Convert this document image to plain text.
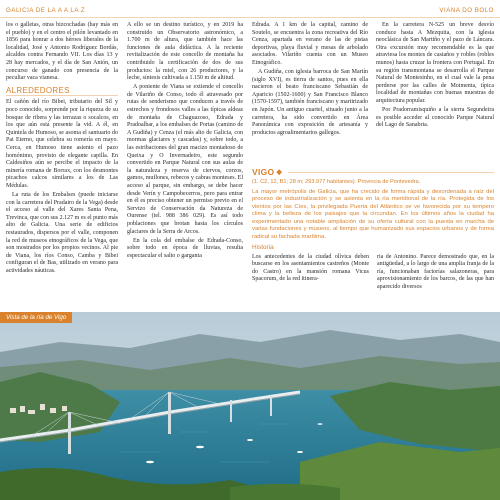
GALICIA DE LA A A LA Z	VIANA DO BOLO

los o galletas, otras bizcochadas (hay más en el pueblo) y en el centro el pilón levantado en 1856 para honrar a dos héroes liberales de la localidad, José y Antonio Rodríguez Bordás, alcaldes contra Fernando VII. Los días 13 y 28 hay mercados, y el día de San Antón, un concurso de ganado con presencia de la peculiar vaca vianesa.

ALREDEDORES

El cañón del río Bibei, tributario del Sil y poco conocido, sorprende por la riqueza de su bosque de ribera y las terrazas o socalcos, en los que aún está presente la vid. A él, en Quintela de Humoso, se asoma el santuario do Pai Eterno, que celebra su romería en mayo. Cerca, en Humoso tiene asiento el pazo homónimo, provisto de elegante capilla. En Caldesiños aún se percibe el impacto de la minería romana de Borrax, con los desmontes picachos calcos similares a los de Las Médulas.

La ruta de los Embalses (puede iniciarse con la carretera del Pradairo de la Vega) desde el acceso al valle del Xares Santa Pena, Trevinca, que con sus 2.127 m es el punto más alto de Galicia. Una serie de edificios restaurados, dispersos por el valle, componen la red de museos etnográficos de la Vega, que son mostrados por los propios vecinos. Al pie de Viana, los ríos Conso, Camba y Bibei configuran el de Bas, utilizado en verano para actividades náuticas.

A ello se un destino turístico, y en 2019 ha construido un Observatorio astronómico, a 1.700 m de altura, que también hace las funciones de aula didáctica. A la reciente revitalización de este concello de montaña ha contribuido la certificación de dos de sus productos: la miel, con 26 productores, y la leche, síntesis cultivada a 1.150 m de altitud.

A poniente de Viana se extiende el concello de Vilariño de Conso, todo él atravesado por rutas de senderismo que conducen a través de estrechos y frondosos valles a las típicas aldeas de montaña de Chaguazoso, Edrada y Pradoalbar, a los embalses de Portas (camino de A Gudiña) y Cenza (el más alto de Galicia, con mormas glaciares y cascadas) y, sobre todo, a las estribaciones del gran macizo montañoso de Queixa y O Invernadeiro, este segundo convertido en Parque Natural con sus aulas de la naturaleza y reserva de ciervos, corzos, gamos, muflones, rebecos y cabras monteses. El acceso al parque, sin embargo, se debe hacer desde Verín y Campobecerros, pero para entrar en él es preciso obtener un permiso previo en el Servizo de Conservación da Natureza de Ourense (tel. 988 386 029). Es así todo poblaciones que brotan hasta los círculos glaciares de la Serra de Arcos.

En la cola del embalse de Edrada-Conso, sobre todo en época de lluvias, resulta espectacular el salto o garganta

Edrada. A 1 km de la capital, camino de Soutelo, se encuentra la zona recreativa del Río Cenza, apartada en verano de las de pistas deportivas, playa fluvial y mesas de arbolado asociados. Vilariño cuenta con un Museo Etnográfico.

A Gudiña, con iglesia barroca de San Martín (siglo XVI), es tierra de santos, pues en ella nacieron el beato franciscano Sebastián de Aparicio (1502-1600) y San Francisco Blanco (1570-1597), también franciscano y martirizado en Japón. Un antiguo cuartel, situado junto a la carretera, ha sido convertido en Área Panorámica con exposición de artesanía y productos agroalimentarios gallegos.

En la carretera N-525 un breve desvío conduce hasta A Mezquita, con la iglesia neoclásica de San Martiño y el pazo de Láncara. Otra excursión muy recomendable es la que atraviesa los montes de castaños y robles (robles munos) hasta cruzar la frontera con Portugal. En su región transmontana se desarrolla el Parque Natural de Montesinho, en el cual vale la pena perderse por las calles de Moimenta, típica localidad de montañas con buenas muestras de arquitectura popular.

Por Pradorramisquiño a la sierra Segundeira es posible acceder al conocido Parque Natural del Lago de Sanabria.

VIGO ◆
(1. C2, 12, B1; 28 m; 293.977 habitantes). Provincia de Pontevedra.
La mayor metrópolis de Galicia, que ha crecido de forma rápida y desordenada a raíz del proceso de industrialización y se asienta en la ría meridional de la ría. Protegida de los vientos por las Cíes, la privilegiada Puerta del Atlántico se ve favorecida por su tempero clima y la belleza de los paisajes que la circundan. En los últimos años la ciudad ha experimentado una notable ampliación de su oferta cultural con la puesta en marcha de varias fundaciones y museos, al tiempo que humanizado sus espacios urbanos y de forma radical su fachada marítima.
Historia
Los antecedentes de la ciudad olívica deben buscarse en los asentamientos castreños (Monte do Castro) en la mansión romana Vicus Spacorum, de la red itinera-
ria de Antonino. Parece demostrado que, en la antigüedad, a lo largo de una amplia franja de la ría, funcionaban factorías salazoneras, para aprovisionamiento de los barcos, de las que han aparecido diversos
Vista de la ría de Vigo
